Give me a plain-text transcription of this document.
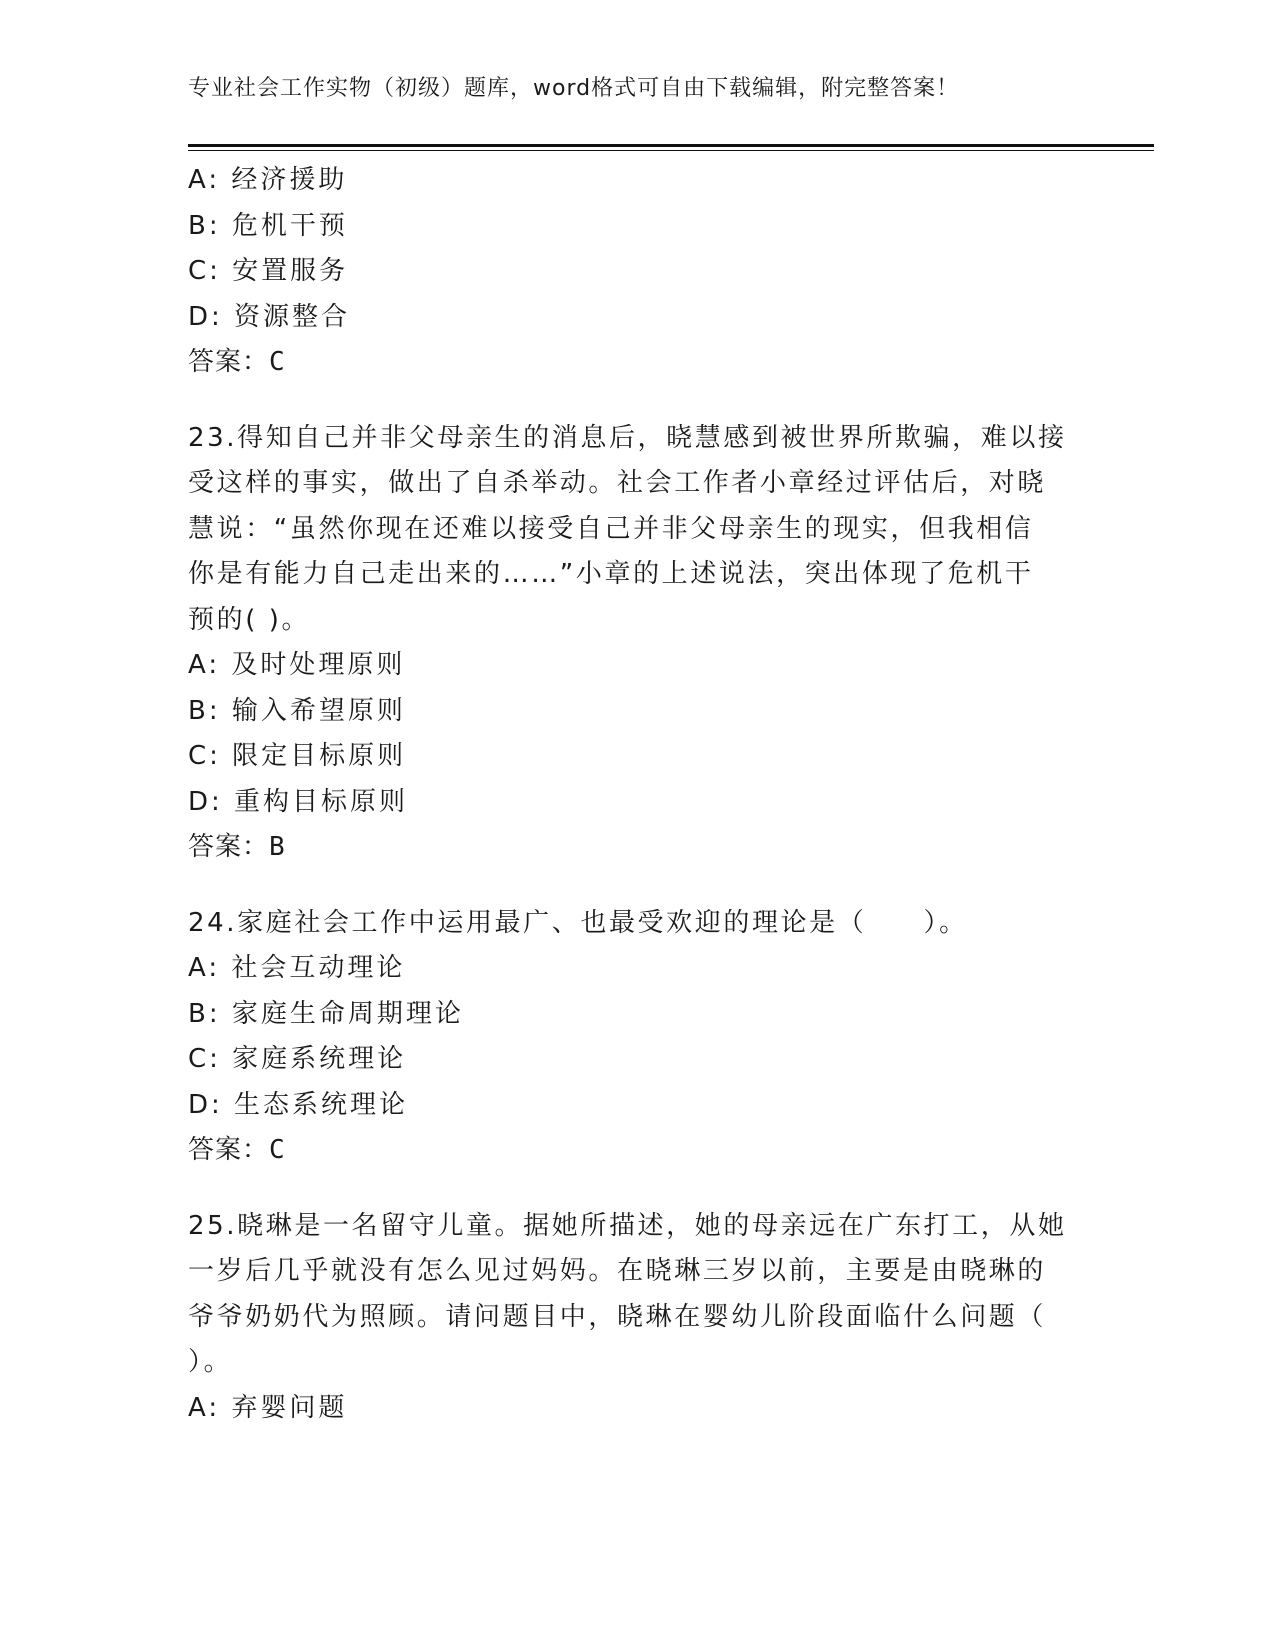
专业社会工作实物（初级）题库，word格式可自由下载编辑，附完整答案！
A: 经济援助
B: 危机干预
C: 安置服务
D: 资源整合
答案：C
23.得知自己并非父母亲生的消息后，晓慧感到被世界所欺骗，难以接
受这样的事实，做出了自杀举动。社会工作者小章经过评估后，对晓
慧说：“虽然你现在还难以接受自己并非父母亲生的现实，但我相信
你是有能力自己走出来的……”小章的上述说法，突出体现了危机干
预的( )。
A: 及时处理原则
B: 输入希望原则
C: 限定目标原则
D: 重构目标原则
答案：B
24.家庭社会工作中运用最广、也最受欢迎的理论是（　　）。
A: 社会互动理论
B: 家庭生命周期理论
C: 家庭系统理论
D: 生态系统理论
答案：C
25.晓琳是一名留守儿童。据她所描述，她的母亲远在广东打工，从她
一岁后几乎就没有怎么见过妈妈。在晓琳三岁以前，主要是由晓琳的
爷爷奶奶代为照顾。请问题目中，晓琳在婴幼儿阶段面临什么问题（
）。
A: 弃婴问题
